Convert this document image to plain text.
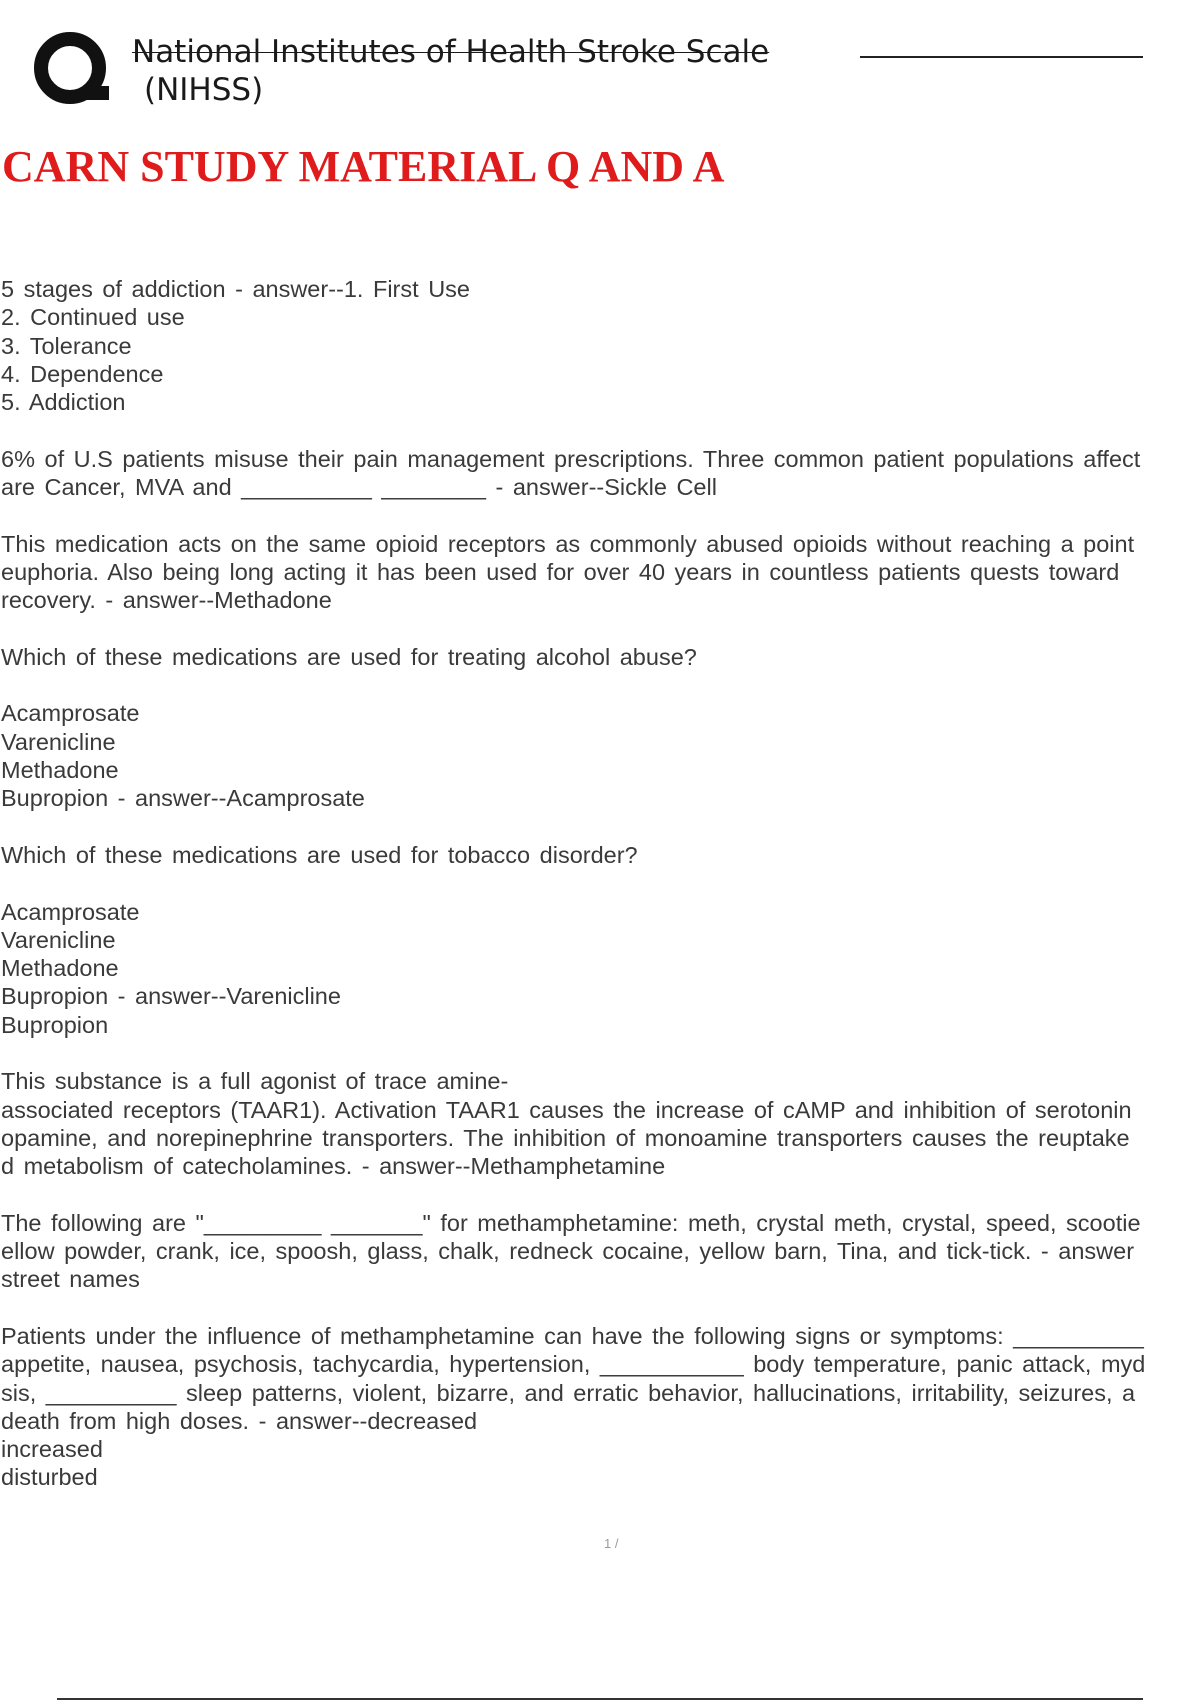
National Institutes of Health Stroke Scale
(NIHSS)
CARN STUDY MATERIAL Q AND A
5 stages of addiction - answer--1. First Use
2. Continued use
3. Tolerance
4. Dependence
5. Addiction
6% of U.S patients misuse their pain management prescriptions. Three common patient populations affect
are Cancer, MVA and __________ ________ - answer--Sickle Cell
This medication acts on the same opioid receptors as commonly abused opioids without reaching a point
euphoria. Also being long acting it has been used for over 40 years in countless patients quests toward
recovery. - answer--Methadone
Which of these medications are used for treating alcohol abuse?
Acamprosate
Varenicline
Methadone
Bupropion - answer--Acamprosate
Which of these medications are used for tobacco disorder?
Acamprosate
Varenicline
Methadone
Bupropion - answer--Varenicline
Bupropion
This substance is a full agonist of trace amine-
associated receptors (TAAR1). Activation TAAR1 causes the increase of cAMP and inhibition of serotonin
opamine, and norepinephrine transporters. The inhibition of monoamine transporters causes the reuptake
d metabolism of catecholamines. - answer--Methamphetamine
The following are "_________ _______" for methamphetamine: meth, crystal meth, crystal, speed, scootie
ellow powder, crank, ice, spoosh, glass, chalk, redneck cocaine, yellow barn, Tina, and tick-tick. - answer
street names
Patients under the influence of methamphetamine can have the following signs or symptoms: __________
appetite, nausea, psychosis, tachycardia, hypertension, ___________ body temperature, panic attack, myd
sis, __________ sleep patterns, violent, bizarre, and erratic behavior, hallucinations, irritability, seizures, a
death from high doses. - answer--decreased
increased
disturbed
1 /
